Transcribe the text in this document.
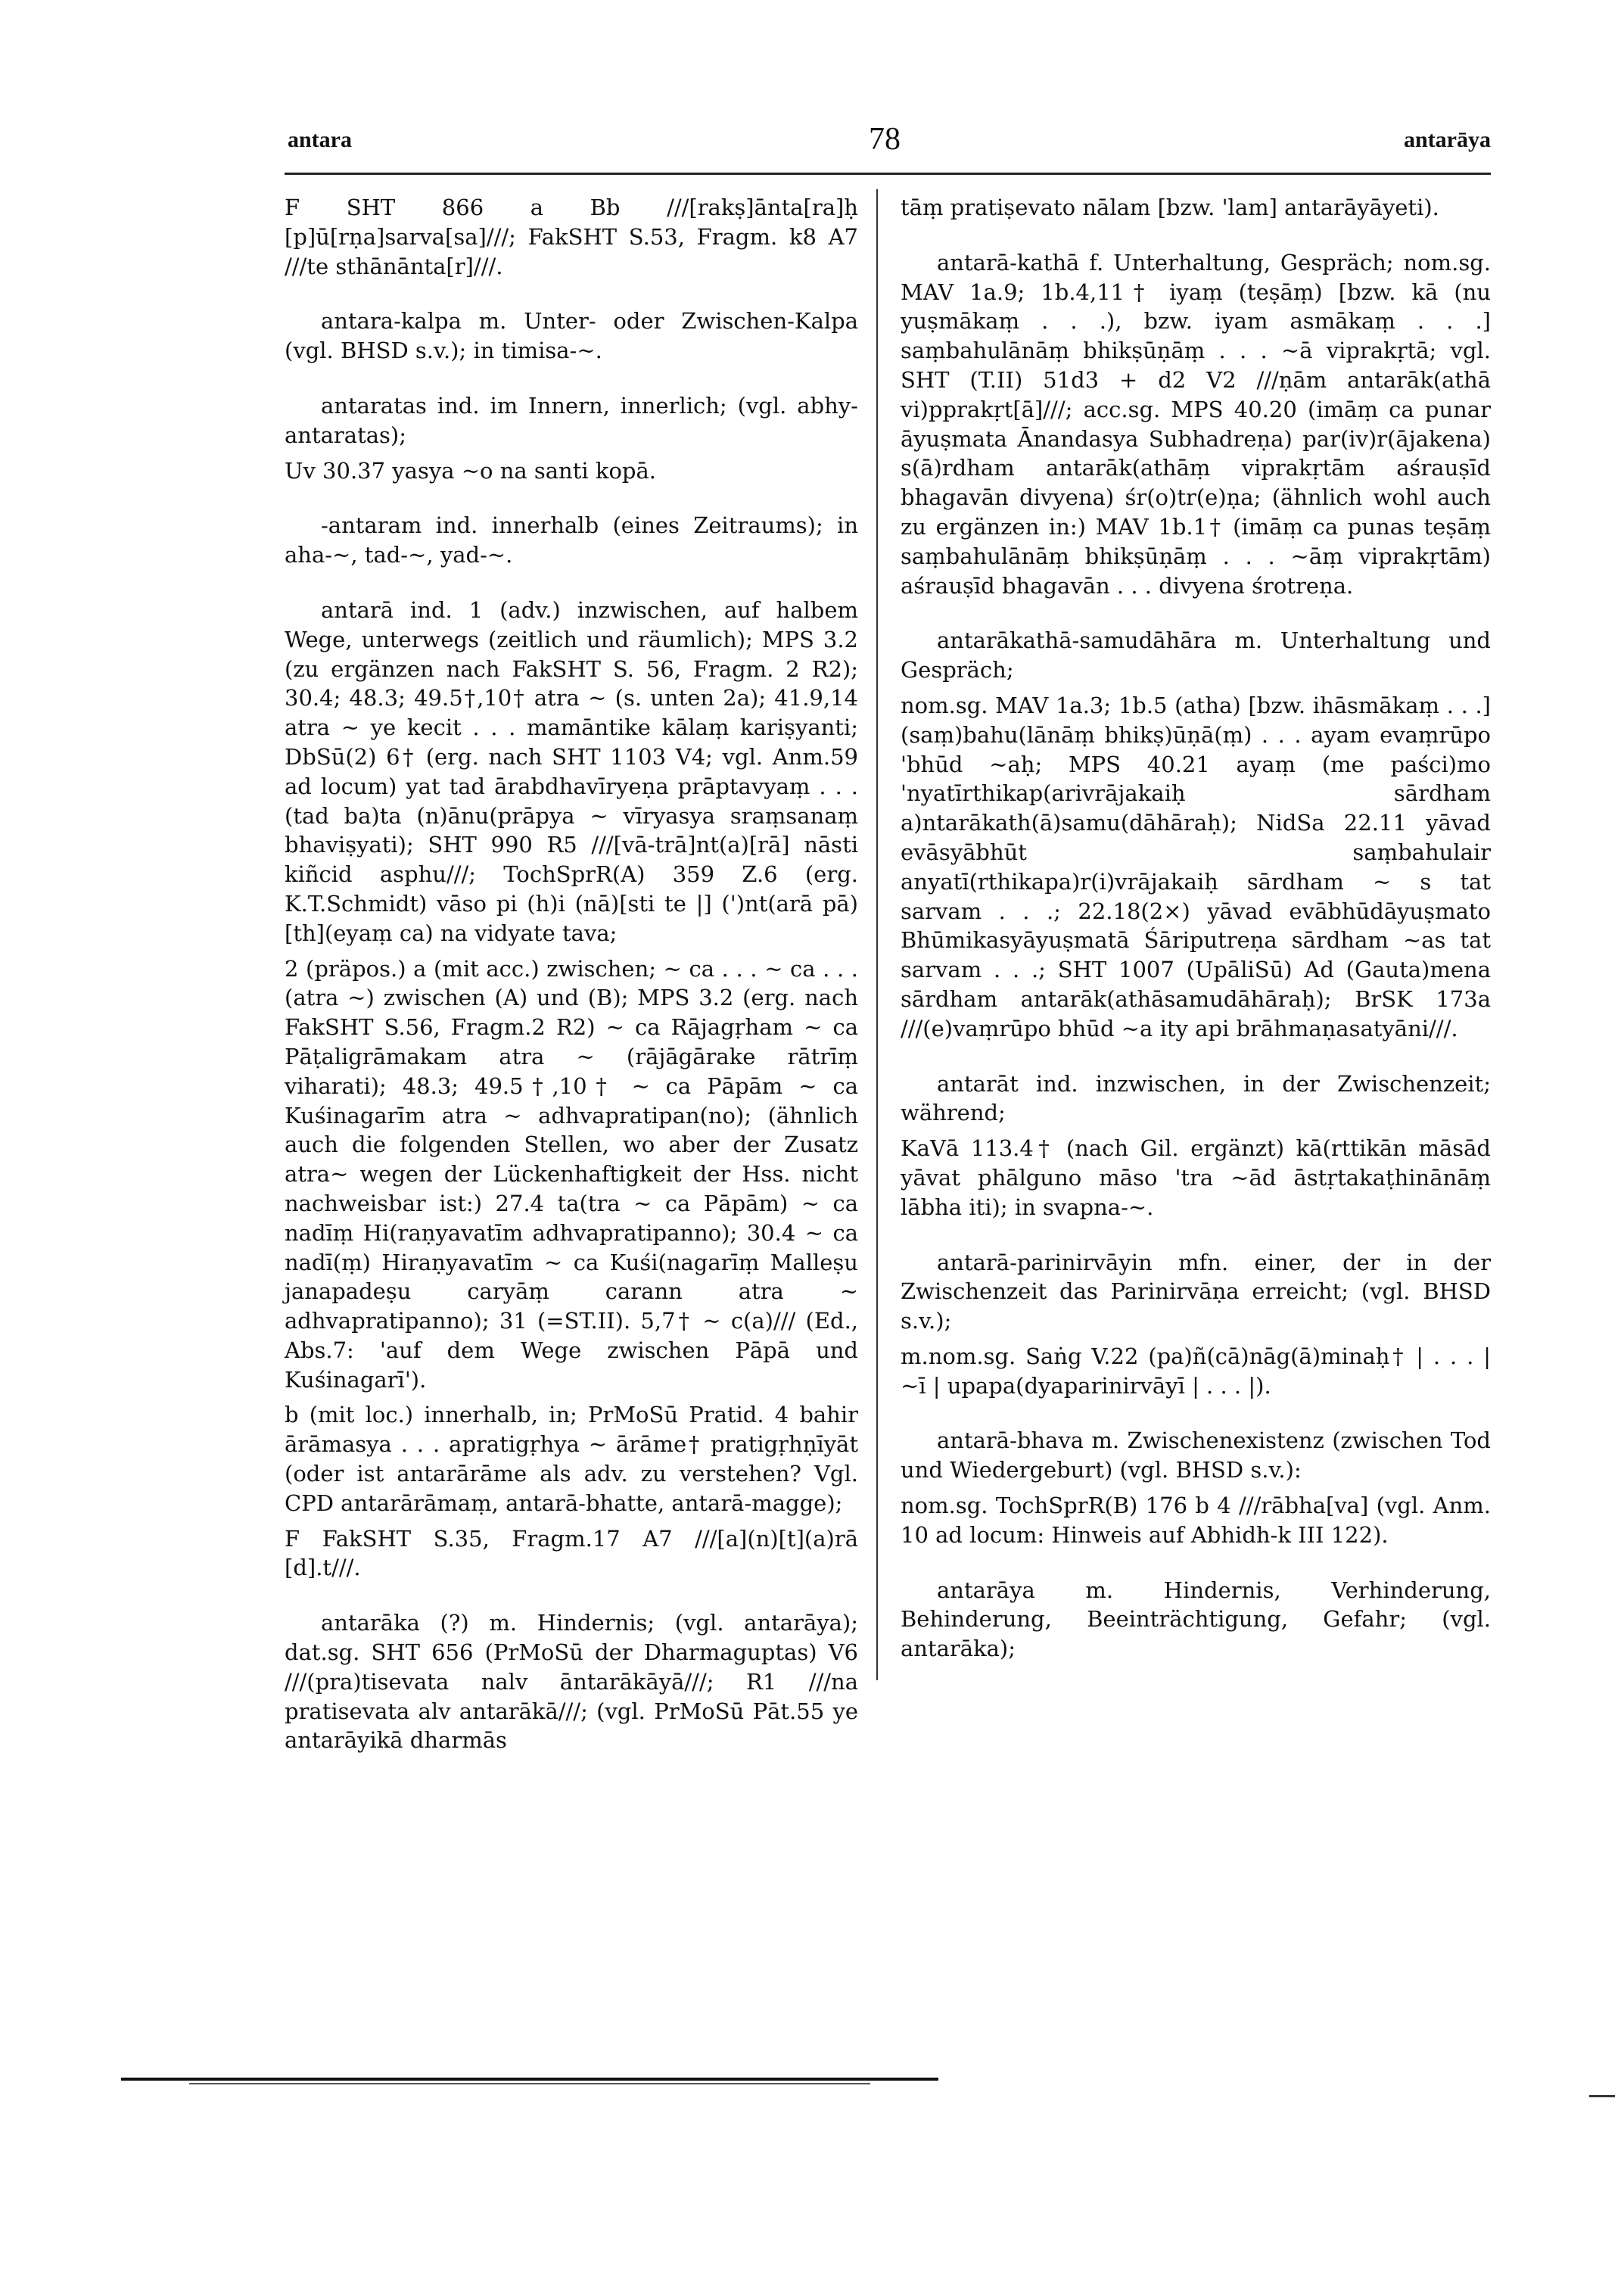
antara	78	antarāya

F SHT 866 a Bb ///[rakṣ]ānta[ra]ḥ [p]ū[rṇa]sarva[sa]///; FakSHT S.53, Fragm. k8 A7 ///te sthānānta[r]///.

antara-kalpa m. Unter- oder Zwischen-Kalpa (vgl. BHSD s.v.); in timisa-~.

antaratas ind. im Innern, innerlich; (vgl. abhy-antaratas);

Uv 30.37 yasya ~o na santi kopā.

-antaram ind. innerhalb (eines Zeitraums); in aha-~, tad-~, yad-~.

antarā ind. 1 (adv.) inzwischen, auf halbem Wege, unterwegs (zeitlich und räumlich); MPS 3.2 (zu ergänzen nach FakSHT S. 56, Fragm. 2 R2); 30.4; 48.3; 49.5†,10† atra ~ (s. unten 2a); 41.9,14 atra ~ ye kecit . . . mamāntike kālaṃ kariṣyanti; DbSū(2) 6† (erg. nach SHT 1103 V4; vgl. Anm.59 ad locum) yat tad ārabdhavīryeṇa prāptavyaṃ . . . (tad ba)ta (n)ānu(prāpya ~ vīryasya sraṃsanaṃ bhaviṣyati); SHT 990 R5 ///[vā-trā]nt(a)[rā] nāsti kiñcid asphu///; TochSprR(A) 359 Z.6 (erg. K.T.Schmidt) vāso pi (h)i (nā)[sti te |] (')nt(arā pā)[th](eyaṃ ca) na vidyate tava;

2 (präpos.) a (mit acc.) zwischen; ~ ca . . . ~ ca . . . (atra ~) zwischen (A) und (B); MPS 3.2 (erg. nach FakSHT S.56, Fragm.2 R2) ~ ca Rājagṛham ~ ca Pāṭaligrāmakam atra ~ (rājāgārake rātrīṃ viharati); 48.3; 49.5†,10† ~ ca Pāpām ~ ca Kuśinagarīm atra ~ adhvapratipan(no); (ähnlich auch die folgenden Stellen, wo aber der Zusatz atra~ wegen der Lückenhaftigkeit der Hss. nicht nachweisbar ist:) 27.4 ta(tra ~ ca Pāpām) ~ ca nadīṃ Hi(raṇyavatīm adhvapratipanno); 30.4 ~ ca nadī(ṃ) Hiraṇyavatīm ~ ca Kuśi(nagarīṃ Malleṣu janapadeṣu caryāṃ carann atra ~ adhvapratipanno); 31 (=ST.II). 5,7† ~ c(a)/// (Ed., Abs.7: 'auf dem Wege zwischen Pāpā und Kuśinagarī').

b (mit loc.) innerhalb, in; PrMoSū Pratid. 4 bahir ārāmasya . . . apratigṛhya ~ ārāme† pratigṛhṇīyāt (oder ist antarārāme als adv. zu verstehen? Vgl. CPD antarārāmaṃ, antarā-bhatte, antarā-magge);

F FakSHT S.35, Fragm.17 A7 ///[a](n)[t](a)rā [d].t///.

antarāka (?) m. Hindernis; (vgl. antarāya); dat.sg. SHT 656 (PrMoSū der Dharmaguptas) V6 ///(pra)tisevata nalv āntarākāyā///; R1 ///na pratisevata alv antarākā///; (vgl. PrMoSū Pāt.55 ye antarāyikā dharmās

tāṃ pratiṣevato nālam [bzw. 'lam] antarāyāyeti).

antarā-kathā f. Unterhaltung, Gespräch; nom.sg. MAV 1a.9; 1b.4,11† iyaṃ (teṣāṃ) [bzw. kā (nu yuṣmākaṃ . . .), bzw. iyam asmākaṃ . . .] saṃbahulānāṃ bhikṣūṇāṃ . . . ~ā viprakṛtā; vgl. SHT (T.II) 51d3 + d2 V2 ///ṇām antarāk(athā vi)pprakṛt[ā]///; acc.sg. MPS 40.20 (imāṃ ca punar āyuṣmata Ānandasya Subhadreṇa) par(iv)r(ājakena) s(ā)rdham antarāk(athāṃ viprakṛtām aśrauṣīd bhagavān divyena) śr(o)tr(e)ṇa; (ähnlich wohl auch zu ergänzen in:) MAV 1b.1† (imāṃ ca punas teṣāṃ saṃbahulānāṃ bhikṣūṇāṃ . . . ~āṃ viprakṛtām) aśrauṣīd bhagavān . . . divyena śrotreṇa.

antarākathā-samudāhāra m. Unterhaltung und Gespräch;

nom.sg. MAV 1a.3; 1b.5 (atha) [bzw. ihāsmākaṃ . . .] (saṃ)bahu(lānāṃ bhikṣ)ūṇā(ṃ) . . . ayam evaṃrūpo 'bhūd ~aḥ; MPS 40.21 ayaṃ (me paści)mo 'nyatīrthikap(arivrājakaiḥ sārdham a)ntarākath(ā)samu(dāhāraḥ); NidSa 22.11 yāvad evāsyābhūt saṃbahulair anyatī(rthikapa)r(i)vrājakaiḥ sārdham ~ s tat sarvam . . .; 22.18(2×) yāvad evābhūdāyuṣmato Bhūmikasyāyuṣmatā Śāriputreṇa sārdham ~as tat sarvam . . .; SHT 1007 (UpāliSū) Ad (Gauta)mena sārdham antarāk(athāsamudāhāraḥ); BrSK 173a ///(e)vaṃrūpo bhūd ~a ity api brāhmaṇasatyāni///.

antarāt ind. inzwischen, in der Zwischenzeit; während;

KaVā 113.4† (nach Gil. ergänzt) kā(rttikān māsād yāvat phālguno māso 'tra ~ād āstṛtakaṭhinānāṃ lābha iti); in svapna-~.

antarā-parinirvāyin mfn. einer, der in der Zwischenzeit das Parinirvāṇa erreicht; (vgl. BHSD s.v.);

m.nom.sg. Saṅg V.22 (pa)ñ(cā)nāg(ā)minaḥ† | . . . | ~ī | upapa(dyaparinirvāyī | . . . |).

antarā-bhava m. Zwischenexistenz (zwischen Tod und Wiedergeburt) (vgl. BHSD s.v.):

nom.sg. TochSprR(B) 176 b 4 ///rābha[va] (vgl. Anm. 10 ad locum: Hinweis auf Abhidh-k III 122).

antarāya m. Hindernis, Verhinderung, Behinderung, Beeinträchtigung, Gefahr; (vgl. antarāka);
